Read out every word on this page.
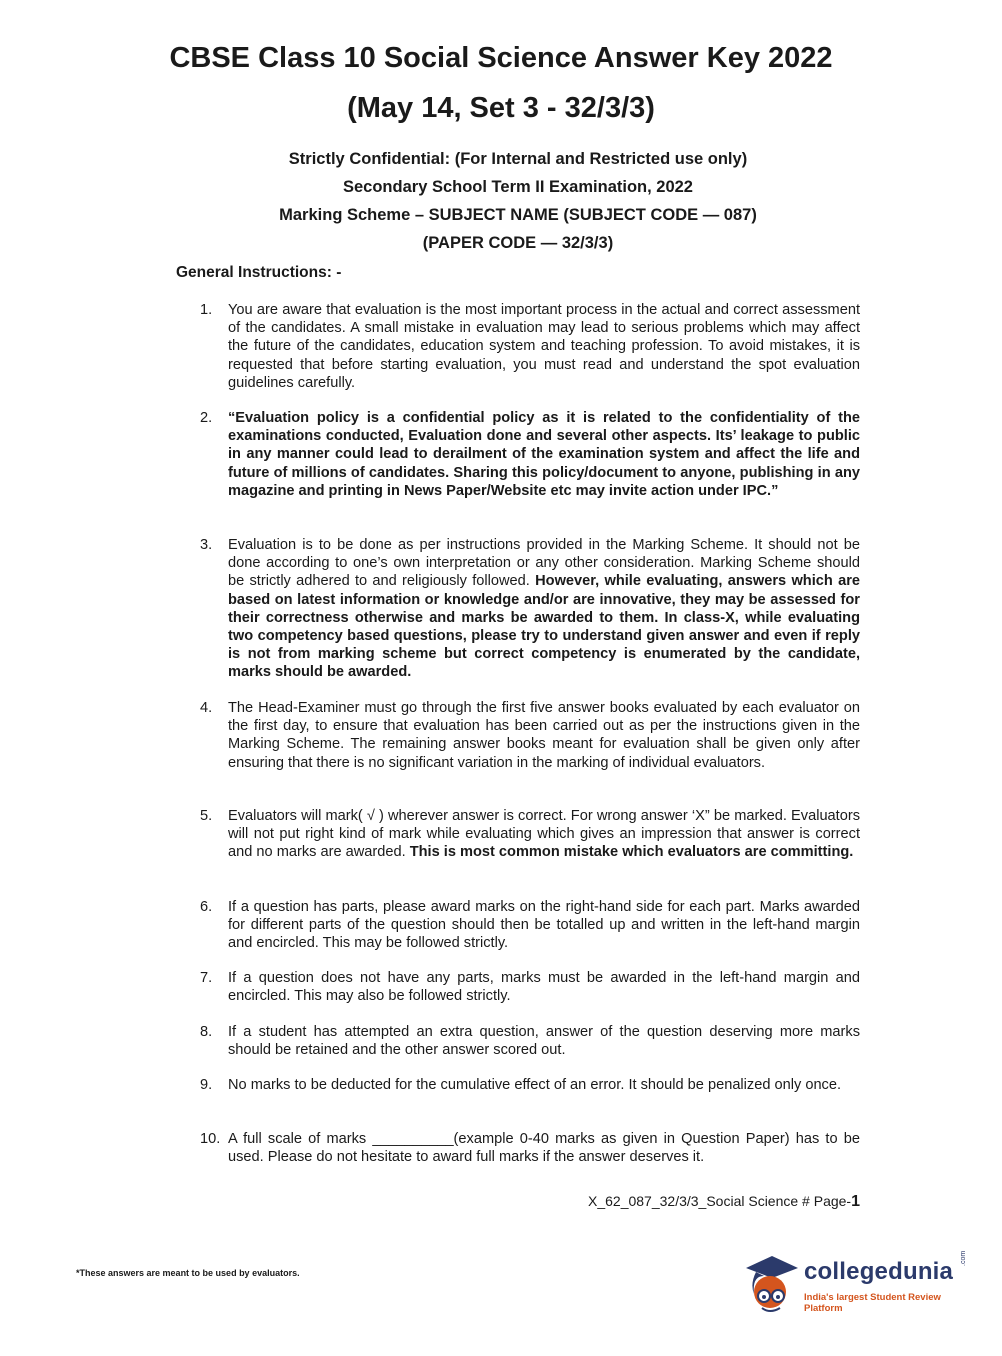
CBSE Class 10 Social Science Answer Key 2022
(May 14, Set 3 - 32/3/3)
Strictly Confidential: (For Internal and Restricted use only)
Secondary School Term II Examination, 2022
Marking Scheme – SUBJECT NAME (SUBJECT CODE — 087)
(PAPER CODE — 32/3/3)
General Instructions: -
1.	You are aware that evaluation is the most important process in the actual and correct assessment of the candidates. A small mistake in evaluation may lead to serious problems which may affect the future of the candidates, education system and teaching profession. To avoid mistakes, it is requested that before starting evaluation, you must read and understand the spot evaluation guidelines carefully.
2.	“Evaluation policy is a confidential policy as it is related to the confidentiality of the examinations conducted, Evaluation done and several other aspects. Its’ leakage to public in any manner could lead to derailment of the examination system and affect the life and future of millions of candidates. Sharing this policy/document to anyone, publishing in any magazine and printing in News Paper/Website etc may invite action under IPC.”
3.	Evaluation is to be done as per instructions provided in the Marking Scheme. It should not be done according to one’s own interpretation or any other consideration. Marking Scheme should be strictly adhered to and religiously followed. However, while evaluating, answers which are based on latest information or knowledge and/or are innovative, they may be assessed for their correctness otherwise and marks be awarded to them. In class-X, while evaluating two competency based questions, please try to understand given answer and even if reply is not from marking scheme but correct competency is enumerated by the candidate, marks should be awarded.
4.	The Head-Examiner must go through the first five answer books evaluated by each evaluator on the first day, to ensure that evaluation has been carried out as per the instructions given in the Marking Scheme. The remaining answer books meant for evaluation shall be given only after ensuring that there is no significant variation in the marking of individual evaluators.
5.	Evaluators will mark( √ ) wherever answer is correct. For wrong answer ‘X” be marked. Evaluators will not put right kind of mark while evaluating which gives an impression that answer is correct and no marks are awarded. This is most common mistake which evaluators are committing.
6.	If a question has parts, please award marks on the right-hand side for each part. Marks awarded for different parts of the question should then be totalled up and written in the left-hand margin and encircled. This may be followed strictly.
7.	If a question does not have any parts, marks must be awarded in the left-hand margin and encircled. This may also be followed strictly.
8.	If a student has attempted an extra question, answer of the question deserving more marks should be retained and the other answer scored out.
9.	No marks to be deducted for the cumulative effect of an error. It should be penalized only once.
10. A full scale of marks __________(example 0-40 marks as given in Question Paper) has to be used. Please do not hesitate to award full marks if the answer deserves it.
X_62_087_32/3/3_Social Science # Page-1
*These answers are meant to be used by evaluators.	collegedunia .com
India's largest Student Review Platform
